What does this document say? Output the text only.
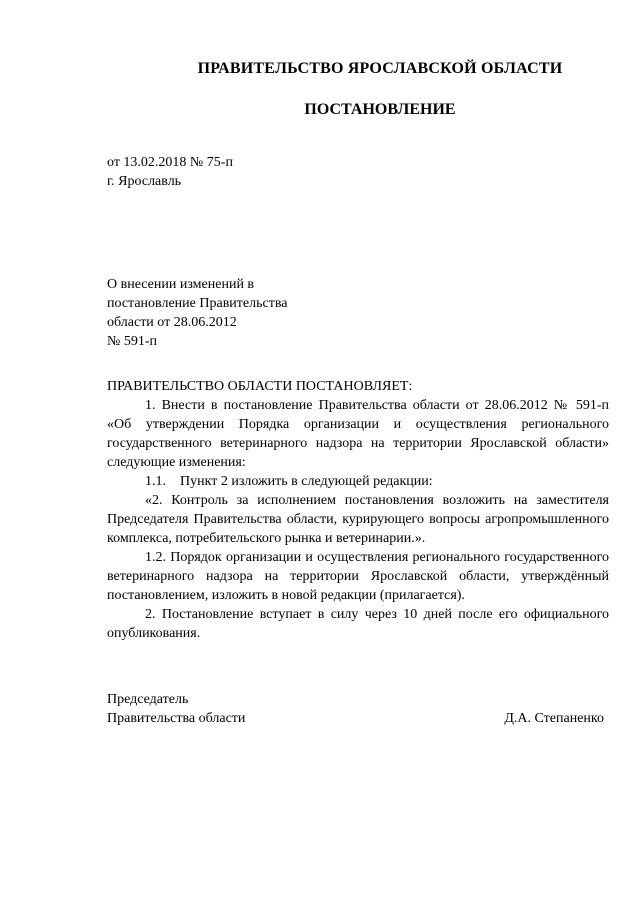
ПРАВИТЕЛЬСТВО ЯРОСЛАВСКОЙ ОБЛАСТИ
ПОСТАНОВЛЕНИЕ
от 13.02.2018 № 75-п
г. Ярославль
О внесении изменений в
постановление Правительства
области от 28.06.2012
№ 591-п

ПРАВИТЕЛЬСТВО ОБЛАСТИ ПОСТАНОВЛЯЕТ:

1. Внести в постановление Правительства области от 28.06.2012 № 591-п «Об утверждении Порядка организации и осуществления регионального государственного ветеринарного надзора на территории Ярославской области» следующие изменения:

1.1.    Пункт 2 изложить в следующей редакции:

«2. Контроль за исполнением постановления возложить на заместителя Председателя Правительства области, курирующего вопросы агропромышленного комплекса, потребительского рынка и ветеринарии.».

1.2. Порядок организации и осуществления регионального государственного ветеринарного надзора на территории Ярославской области, утверждённый постановлением, изложить в новой редакции (прилагается).

2. Постановление вступает в силу через 10 дней после его официального опубликования.

Председатель
Правительства области	Д.А. Степаненко
